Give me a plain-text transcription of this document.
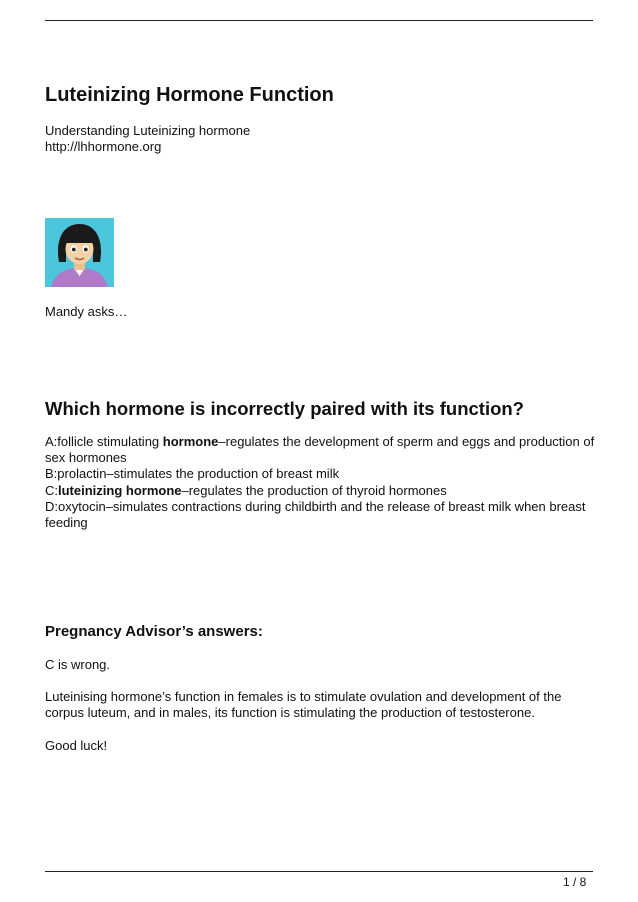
Luteinizing Hormone Function
Understanding Luteinizing hormone
http://lhhormone.org
Mandy asks…
Which hormone is incorrectly paired with its function?
A:follicle stimulating hormone–regulates the development of sperm and eggs and production of sex hormones
B:prolactin–stimulates the production of breast milk
C:luteinizing hormone–regulates the production of thyroid hormones
D:oxytocin–simulates contractions during childbirth and the release of breast milk when breast feeding
Pregnancy Advisor’s answers:
C is wrong.
Luteinising hormone’s function in females is to stimulate ovulation and development of the corpus luteum, and in males, its function is stimulating the production of testosterone.
Good luck!
1 / 8
